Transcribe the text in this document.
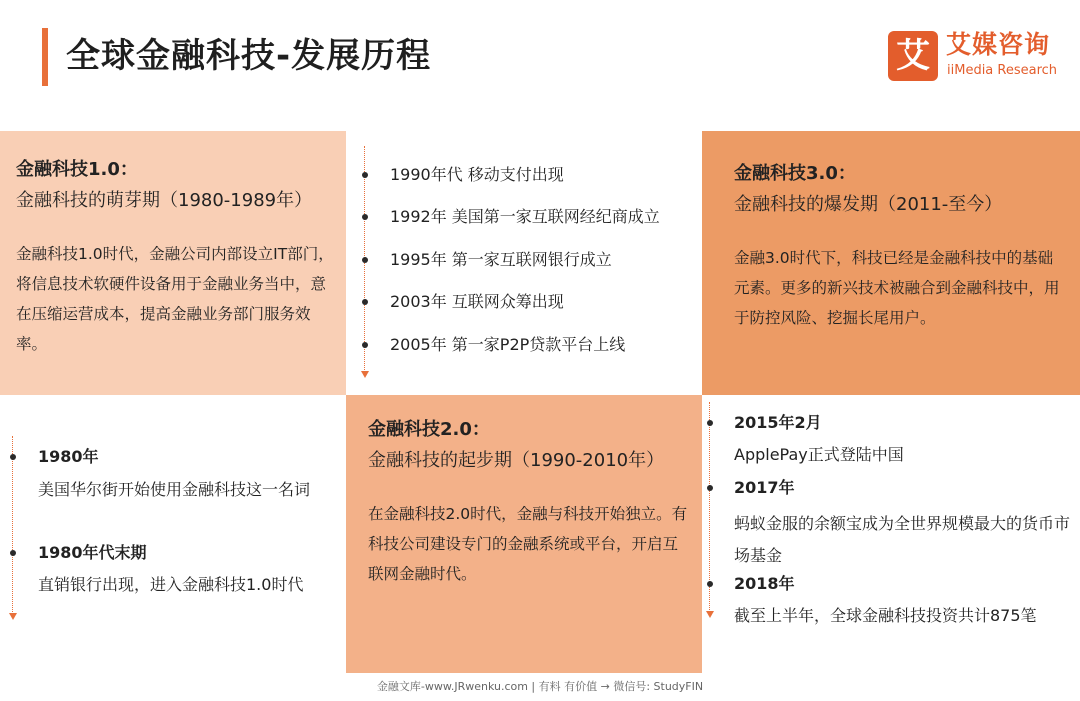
全球金融科技-发展历程	艾 艾媒咨询
iiMedia Research
金融科技1.0：
金融科技的萌芽期（1980-1989年）
金融科技1.0时代，金融公司内部设立IT部门，将信息技术软硬件设备用于金融业务当中，意在压缩运营成本，提高金融业务部门服务效率。
金融科技2.0：
金融科技的起步期（1990-2010年）
在金融科技2.0时代，金融与科技开始独立。有科技公司建设专门的金融系统或平台，开启互联网金融时代。
金融科技3.0：
金融科技的爆发期（2011-至今）
金融3.0时代下，科技已经是金融科技中的基础元素。更多的新兴技术被融合到金融科技中，用于防控风险、挖掘长尾用户。
1990年代 移动支付出现
1992年 美国第一家互联网经纪商成立
1995年 第一家互联网银行成立
2003年 互联网众筹出现
2005年 第一家P2P贷款平台上线
1980年
美国华尔街开始使用金融科技这一名词
1980年代末期
直销银行出现，进入金融科技1.0时代
2015年2月
ApplePay正式登陆中国
2017年
蚂蚁金服的余额宝成为全世界规模最大的货币市场基金
2018年
截至上半年，全球金融科技投资共计875笔
金融文库-www.JRwenku.com | 有料 有价值 → 微信号: StudyFIN
